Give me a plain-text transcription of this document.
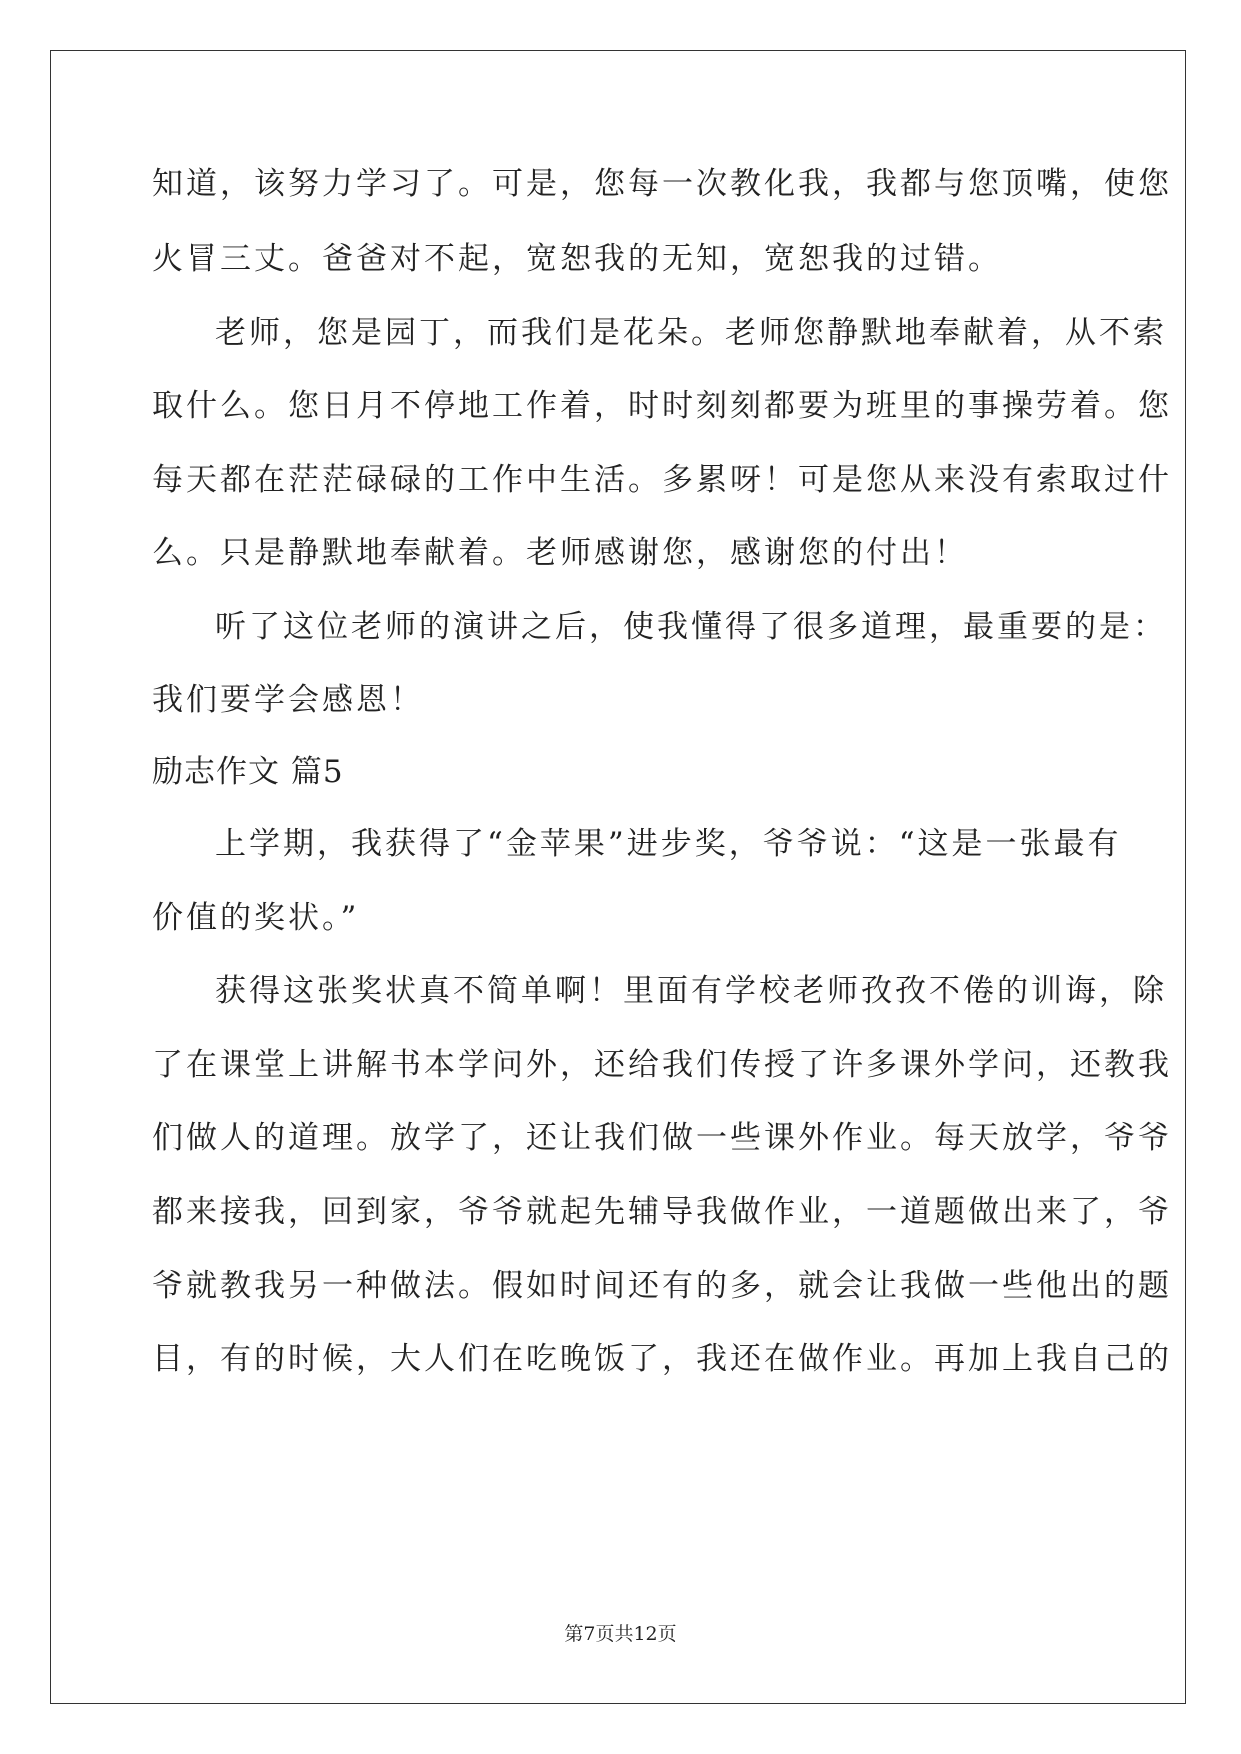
知道，该努力学习了。可是，您每一次教化我，我都与您顶嘴，使您
火冒三丈。爸爸对不起，宽恕我的无知，宽恕我的过错。
老师，您是园丁，而我们是花朵。老师您静默地奉献着，从不索
取什么。您日月不停地工作着，时时刻刻都要为班里的事操劳着。您
每天都在茫茫碌碌的工作中生活。多累呀！可是您从来没有索取过什
么。只是静默地奉献着。老师感谢您，感谢您的付出！
听了这位老师的演讲之后，使我懂得了很多道理，最重要的是：
我们要学会感恩！
励志作文 篇5
上学期，我获得了“金苹果”进步奖，爷爷说：“这是一张最有
价值的奖状。”
获得这张奖状真不简单啊！里面有学校老师孜孜不倦的训诲，除
了在课堂上讲解书本学问外，还给我们传授了许多课外学问，还教我
们做人的道理。放学了，还让我们做一些课外作业。每天放学，爷爷
都来接我，回到家，爷爷就起先辅导我做作业，一道题做出来了，爷
爷就教我另一种做法。假如时间还有的多，就会让我做一些他出的题
目，有的时候，大人们在吃晚饭了，我还在做作业。再加上我自己的
第7页共12页
